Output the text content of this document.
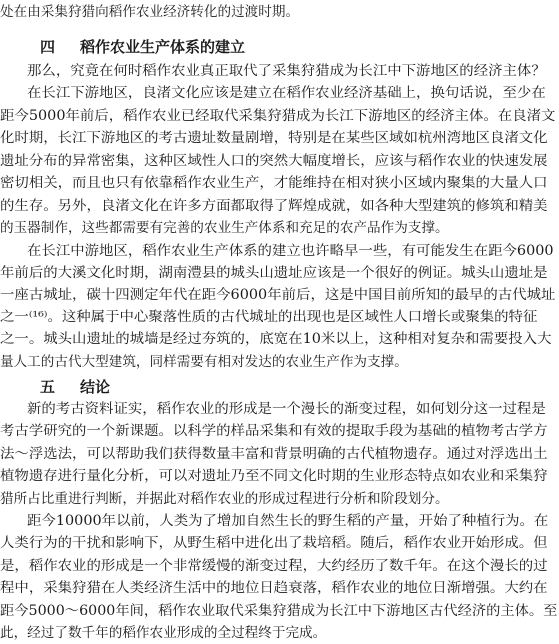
处在由采集狩猎向稻作农业经济转化的过渡时期。
四 稻作农业生产体系的建立
那么，究竟在何时稻作农业真正取代了采集狩猎成为长江中下游地区的经济主体？
在长江下游地区，良渚文化应该是建立在稻作农业经济基础上，换句话说，至少在
距今5000年前后，稻作农业已经取代采集狩猎成为长江下游地区的经济主体。在良渚文
化时期，长江下游地区的考古遗址数量剧增，特别是在某些区域如杭州湾地区良渚文化
遗址分布的异常密集，这种区域性人口的突然大幅度增长，应该与稻作农业的快速发展
密切相关，而且也只有依靠稻作农业生产，才能维持在相对狭小区域内聚集的大量人口
的生存。另外，良渚文化在许多方面都取得了辉煌成就，如各种大型建筑的修筑和精美
的玉器制作，这些都需要有完善的农业生产体系和充足的农产品作为支撑。
在长江中游地区，稻作农业生产体系的建立也许略早一些，有可能发生在距今6000
年前后的大溪文化时期，湖南澧县的城头山遗址应该是一个很好的例证。城头山遗址是
一座古城址，碳十四测定年代在距今6000年前后，这是中国目前所知的最早的古代城址
之一⁽¹⁶⁾。这种属于中心聚落性质的古代城址的出现也是区域性人口增长或聚集的特征
之一。城头山遗址的城墙是经过夯筑的，底宽在10米以上，这种相对复杂和需要投入大
量人工的古代大型建筑，同样需要有相对发达的农业生产作为支撑。
五 结论
新的考古资料证实，稻作农业的形成是一个漫长的渐变过程，如何划分这一过程是
考古学研究的一个新课题。以科学的样品采集和有效的提取手段为基础的植物考古学方
法～浮选法，可以帮助我们获得数量丰富和背景明确的古代植物遗存。通过对浮选出土
植物遗存进行量化分析，可以对遗址乃至不同文化时期的生业形态特点如农业和采集狩
猎所占比重进行判断，并据此对稻作农业的形成过程进行分析和阶段划分。
距今10000年以前，人类为了增加自然生长的野生稻的产量，开始了种植行为。在
人类行为的干扰和影响下，从野生稻中进化出了栽培稻。随后，稻作农业开始形成。但
是，稻作农业的形成是一个非常缓慢的渐变过程，大约经历了数千年。在这个漫长的过
程中，采集狩猎在人类经济生活中的地位日趋衰落，稻作农业的地位日渐增强。大约在
距今5000～6000年间，稻作农业取代采集狩猎成为长江中下游地区古代经济的主体。至
此，经过了数千年的稻作农业形成的全过程终于完成。
